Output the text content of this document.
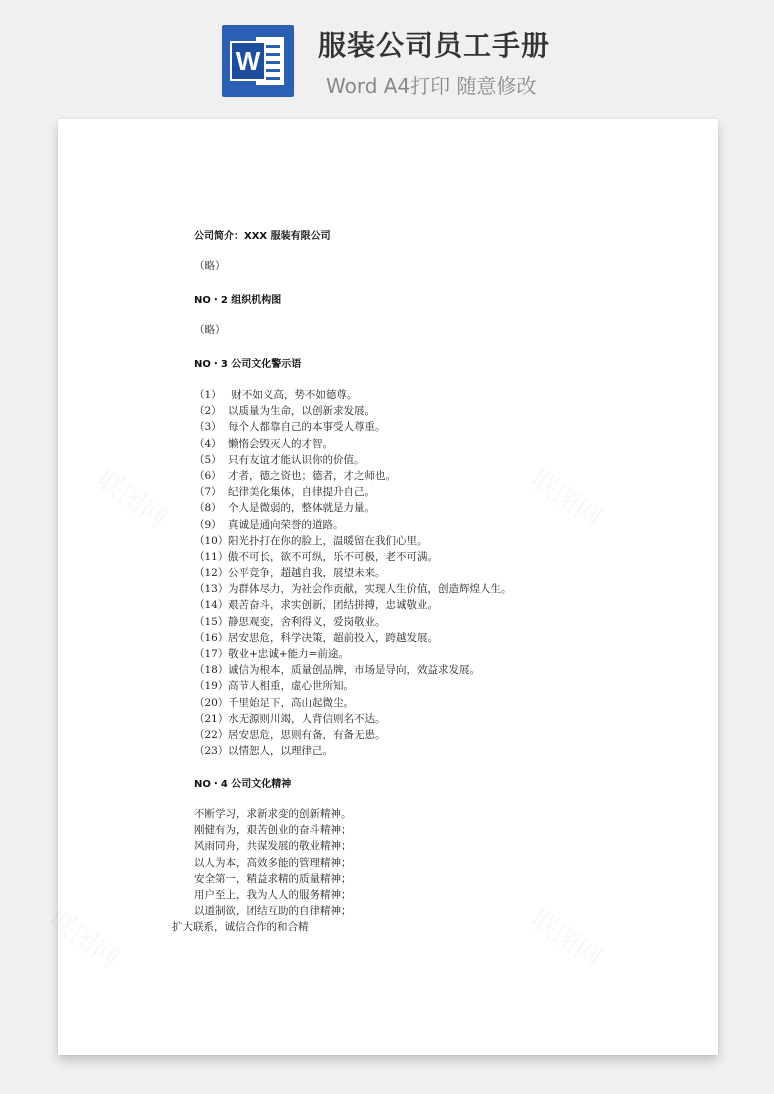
W 服装公司员工手册
Word A4打印 随意修改
公司简介：XXX 服装有限公司
（略）
NO・2 组织机构图
（略）
NO・3 公司文化警示语
（1） 财不如义高，势不如德尊。
（2） 以质量为生命，以创新求发展。
（3） 每个人都靠自己的本事受人尊重。
（4） 懒惰会毁灭人的才智。
（5） 只有友谊才能认识你的价值。
（6） 才者，德之资也；德者，才之师也。
（7） 纪律美化集体，自律提升自己。
（8） 个人是微弱的，整体就是力量。
（9） 真诚是通向荣誉的道路。
（10）阳光扑打在你的脸上，温暖留在我们心里。
（11）傲不可长，欲不可纵，乐不可极，老不可满。
（12）公平竞争，超越自我，展望未来。
（13）为群体尽力，为社会作贡献，实现人生价值，创造辉煌人生。
（14）艰苦奋斗，求实创新，团结拼搏，忠诚敬业。
（15）静思观变，舍利得义，爱岗敬业。
（16）居安思危，科学决策，超前投入，跨越发展。
（17）敬业+忠诚+能力=前途。
（18）诚信为根本，质量创品牌，市场是导向，效益求发展。
（19）高节人相重，虚心世所知。
（20）千里始足下，高山起微尘。
（21）水无源则川竭，人背信则名不达。
（22）居安思危，思则有备，有备无患。
（23）以情恕人，以理律己。
NO・4 公司文化精神
不断学习，求新求变的创新精神。
刚健有为，艰苦创业的奋斗精神；
风雨同舟，共谋发展的敬业精神；
以人为本，高效多能的管理精神；
安全第一，精益求精的质量精神；
用户至上，我为人人的服务精神；
以道制欲，团结互助的自律精神；
扩大联系，诚信合作的和合精
